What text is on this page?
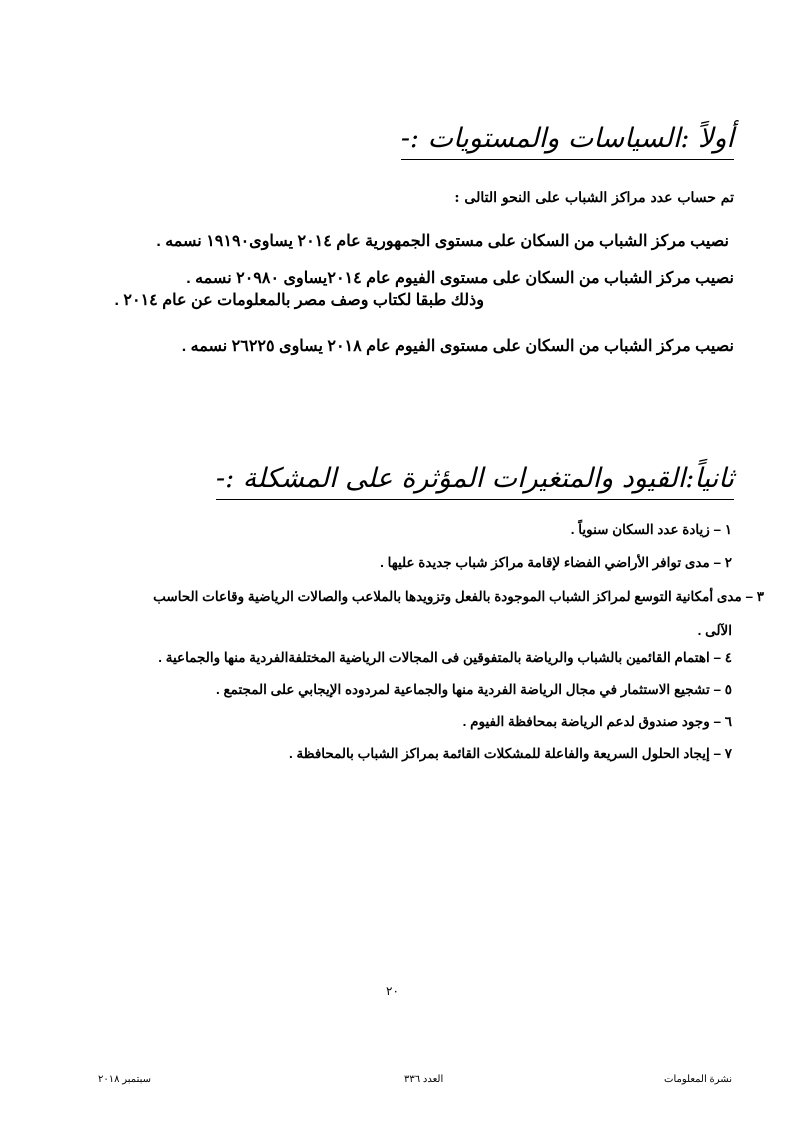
أولاً :السياسات والمستويات :-
تم حساب عدد مراكز الشباب على النحو التالى :
نصيب مركز الشباب من السكان على مستوى الجمهورية عام ٢٠١٤ يساوى١٩١٩٠ نسمه .
نصيب مركز الشباب من السكان على مستوى الفيوم عام ٢٠١٤يساوى ٢٠٩٨٠ نسمه .
وذلك طبقا لكتاب وصف مصر بالمعلومات عن عام ٢٠١٤ .
نصيب مركز الشباب من السكان على مستوى الفيوم عام ٢٠١٨ يساوى ٢٦٢٢٥ نسمه .
ثانياً:القيود والمتغيرات المؤثرة على المشكلة :-
١ – زيادة عدد السكان سنوياً .
٢ – مدى توافر الأراضي الفضاء لإقامة مراكز شباب جديدة عليها .
٣ – مدى أمكانية التوسع لمراكز الشباب الموجودة بالفعل وتزويدها بالملاعب والصالات الرياضية وقاعات الحاسب
الآلى .
٤ – اهتمام القائمين بالشباب والرياضة بالمتفوقين فى المجالات الرياضية المختلفةالفردية منها والجماعية .
٥ – تشجيع الاستثمار في مجال الرياضة الفردية منها والجماعية لمردوده الإيجابي على المجتمع .
٦ – وجود صندوق لدعم الرياضة بمحافظة الفيوم .
٧ – إيجاد الحلول السريعة والفاعلة للمشكلات القائمة بمراكز الشباب بالمحافظة .
٢٠
نشرة المعلومات
العدد ٣٣٦
سبتمبر ٢٠١٨
